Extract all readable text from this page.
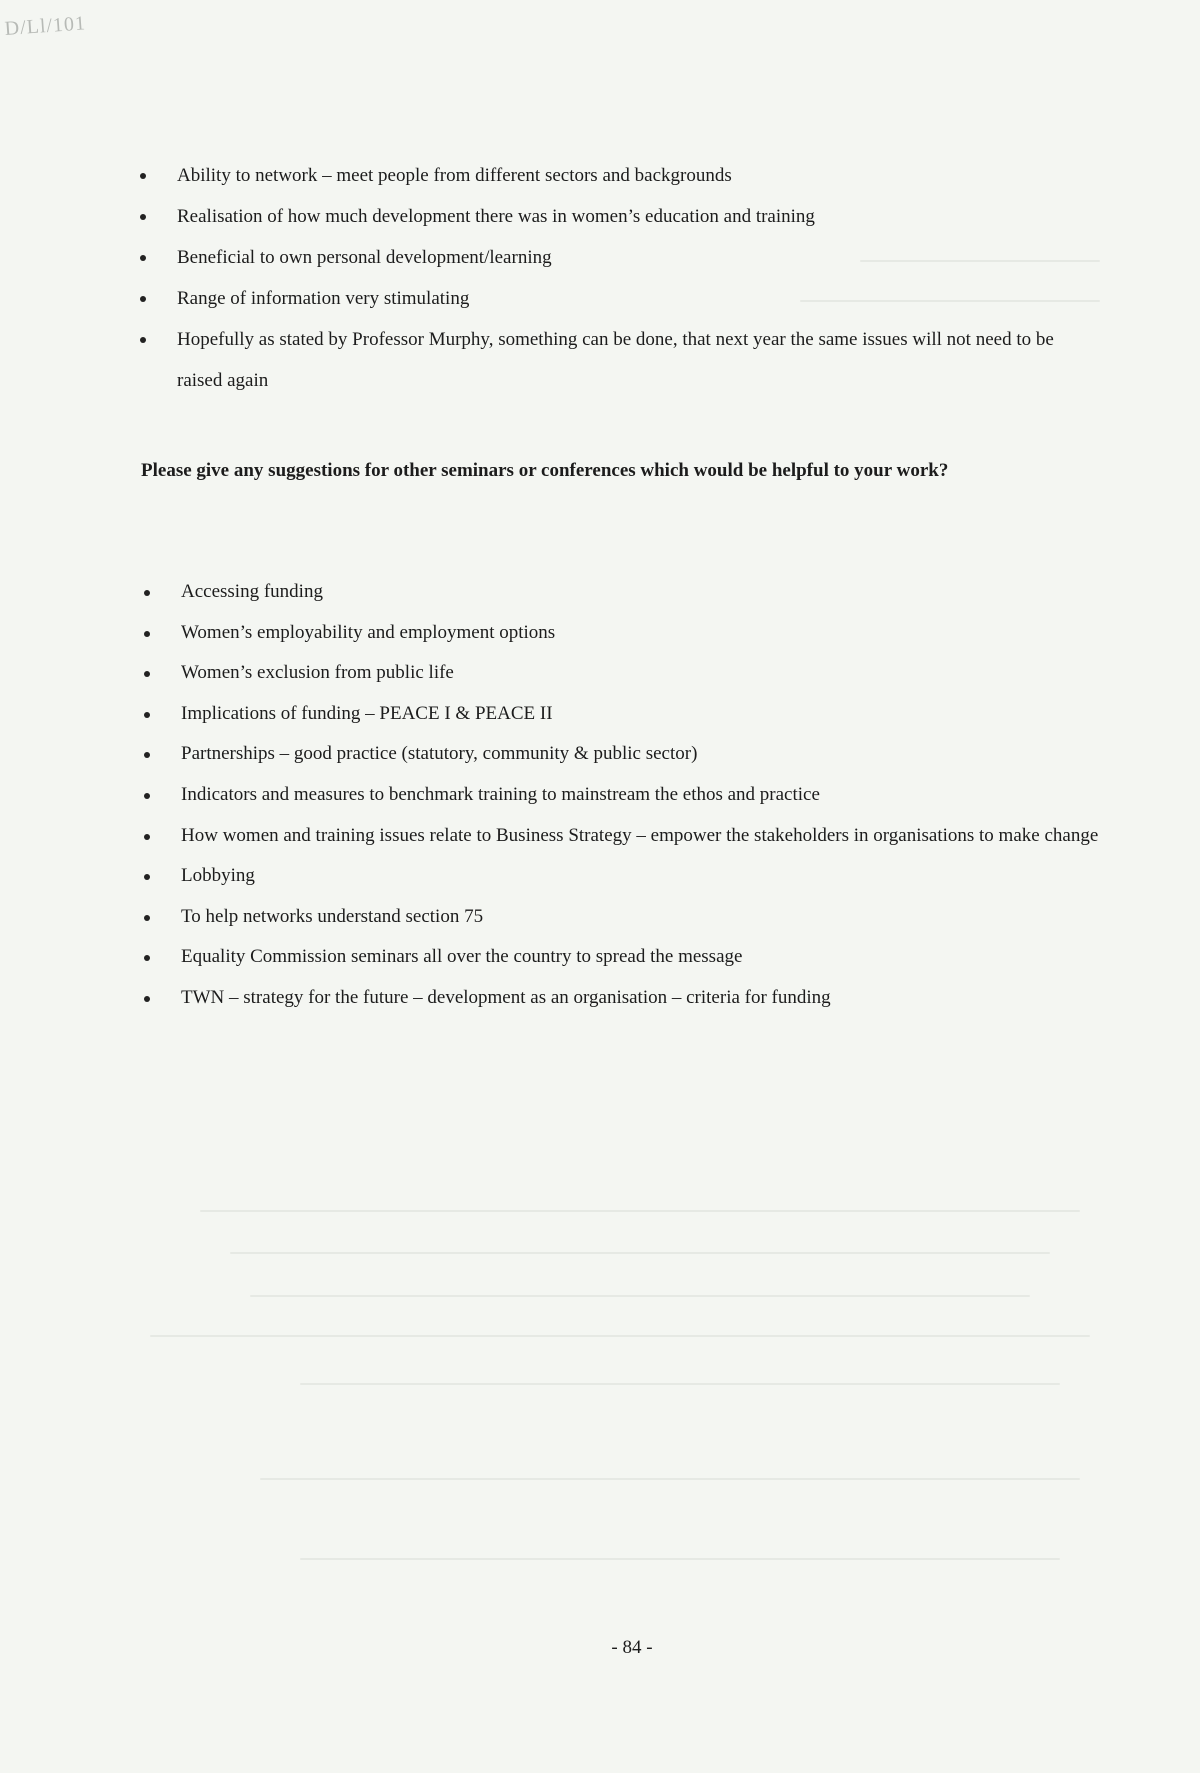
D/Ll/101
Ability to network – meet people from different sectors and backgrounds
Realisation of how much development there was in women’s education and training
Beneficial to own personal development/learning
Range of information very stimulating
Hopefully as stated by Professor Murphy, something can be done, that next year the same issues will not need to be raised again
Please give any suggestions for other seminars or conferences which would be helpful to your work?
Accessing funding
Women’s employability and employment options
Women’s exclusion from public life
Implications of funding – PEACE I & PEACE II
Partnerships – good practice (statutory, community & public sector)
Indicators and measures to benchmark training to mainstream the ethos and practice
How women and training issues relate to Business Strategy – empower the stakeholders in organisations to make change
Lobbying
To help networks understand section 75
Equality Commission seminars all over the country to spread the message
TWN – strategy for the future – development as an organisation – criteria for funding
- 84 -
